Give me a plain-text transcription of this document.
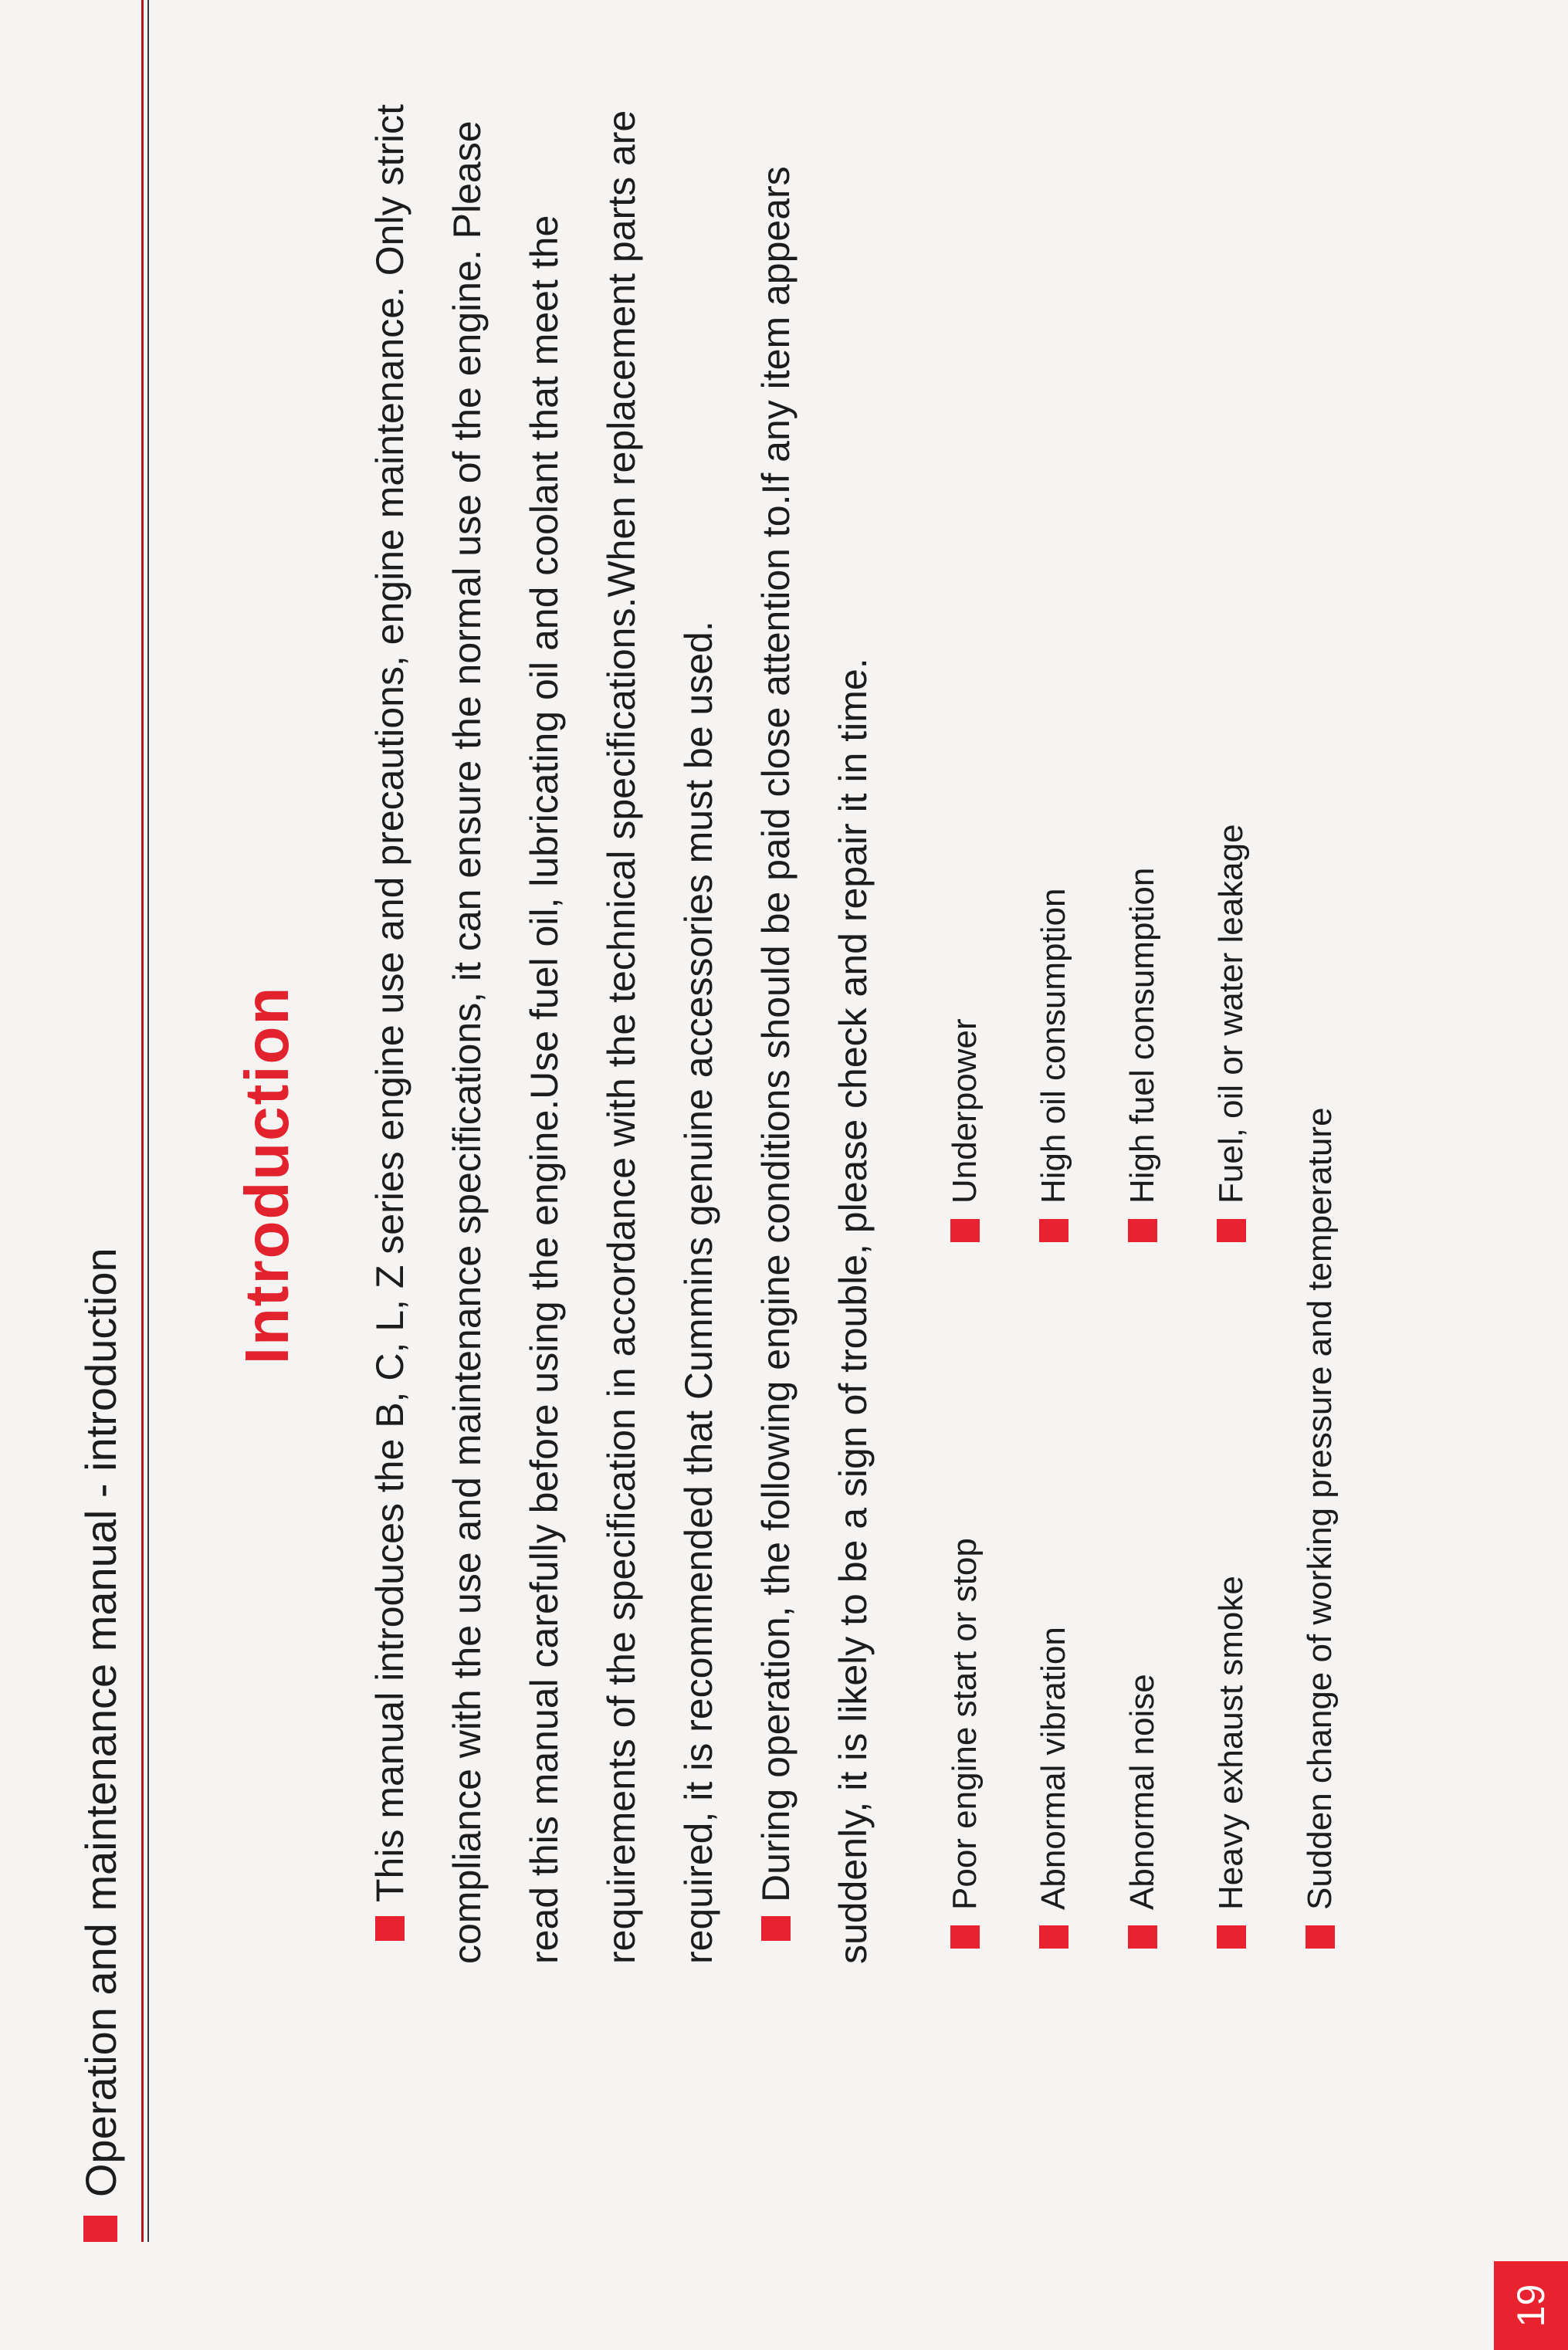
19
Operation and maintenance manual - introduction
Introduction	This manual introduces the B, C, L, Z series engine use and precautions, engine maintenance. Only strict compliance with the use and maintenance specifications, it can ensure the normal use of the engine. Please read this manual carefully before using the engine.Use fuel oil, lubricating oil and coolant that meet the requirements of the specification in accordance with the technical specifications.When replacement parts are required, it is recommended that Cummins genuine accessories must be used. During operation, the following engine conditions should be paid close attention to.If any item appears suddenly, it is likely to be a sign of trouble, please check and repair it in time.	Poor engine start or stop Abnormal vibration Abnormal noise Heavy exhaust smoke Sudden change of working pressure and temperature
Underpower High oil consumption High fuel consumption Fuel, oil or water leakage
